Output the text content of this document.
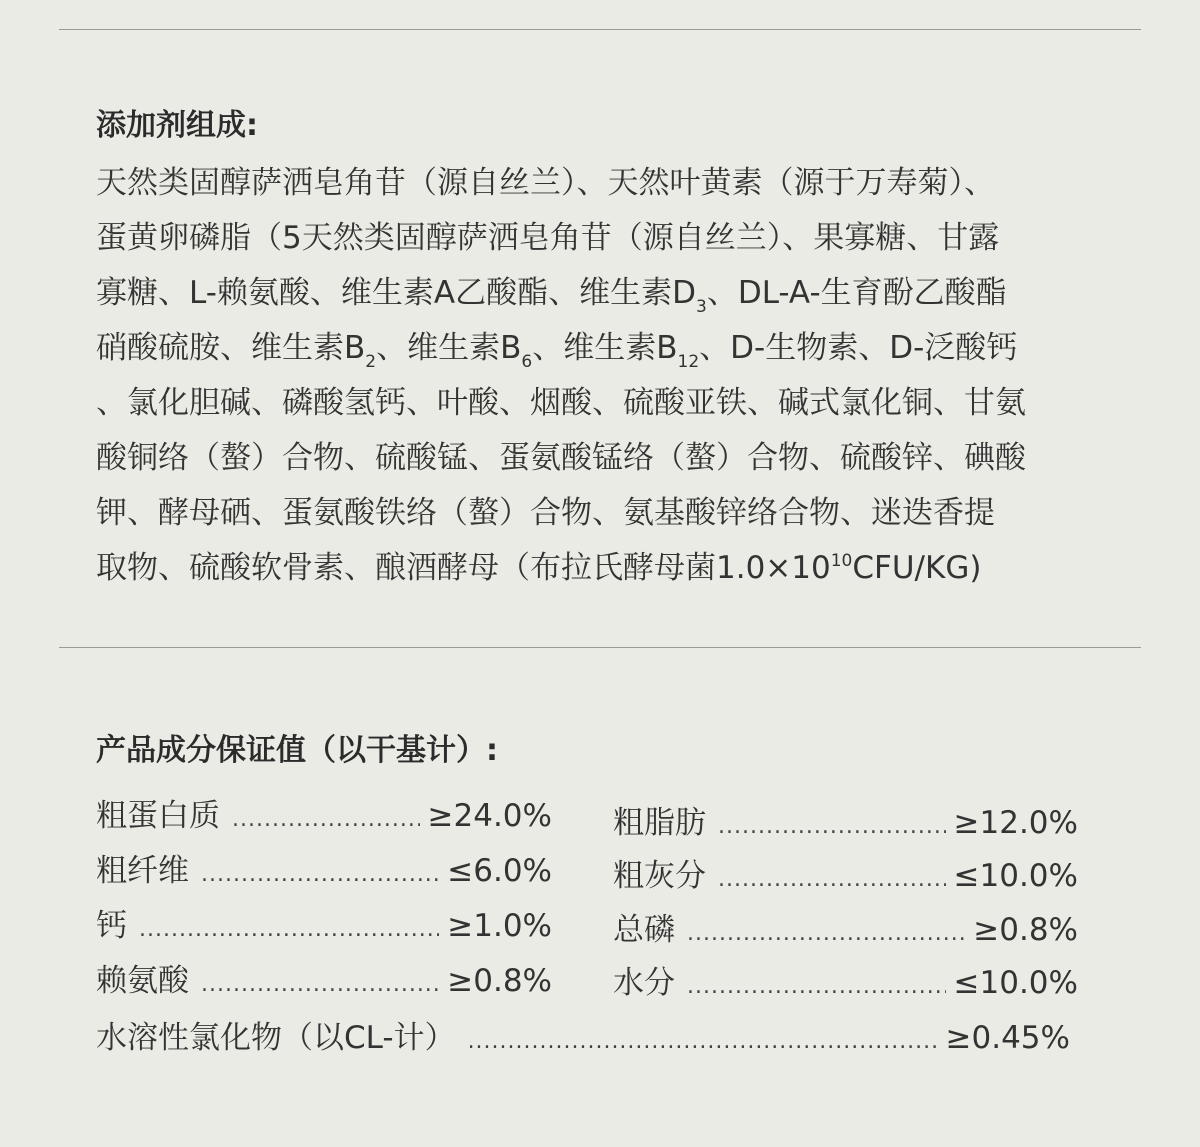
添加剂组成:
天然类固醇萨洒皂角苷（源自丝兰）、天然叶黄素（源于万寿菊）、
蛋黄卵磷脂（5天然类固醇萨洒皂角苷（源自丝兰）、果寡糖、甘露
寡糖、L-赖氨酸、维生素A乙酸酯、维生素$D_3$、DL-A-生育酚乙酸酯
硝酸硫胺、维生素$B_2$、维生素$B_6$、维生素$B_{12}$、D-生物素、D-泛酸钙
、氯化胆碱、磷酸氢钙、叶酸、烟酸、硫酸亚铁、碱式氯化铜、甘氨
酸铜络（螯）合物、硫酸锰、蛋氨酸锰络（螯）合物、硫酸锌、碘酸
钾、酵母硒、蛋氨酸铁络（螯）合物、氨基酸锌络合物、迷迭香提
取物、硫酸软骨素、酿酒酵母（布拉氏酵母菌$1.0\times 10^{10}CFU/KG$)
产品成分保证值（以干基计）:
粗蛋白质 .....	≥24.0%
粗纤维 .....	≤6.0%
钙 .....	≥1.0%
赖氨酸 .....	≥0.8%
粗脂肪 .....	≥12.0%
粗灰分 .....	≤10.0%
总磷 .....	≥0.8%
水分 .....	≤10.0%
水溶性氯化物（以CL-计） .....	≥0.45%
